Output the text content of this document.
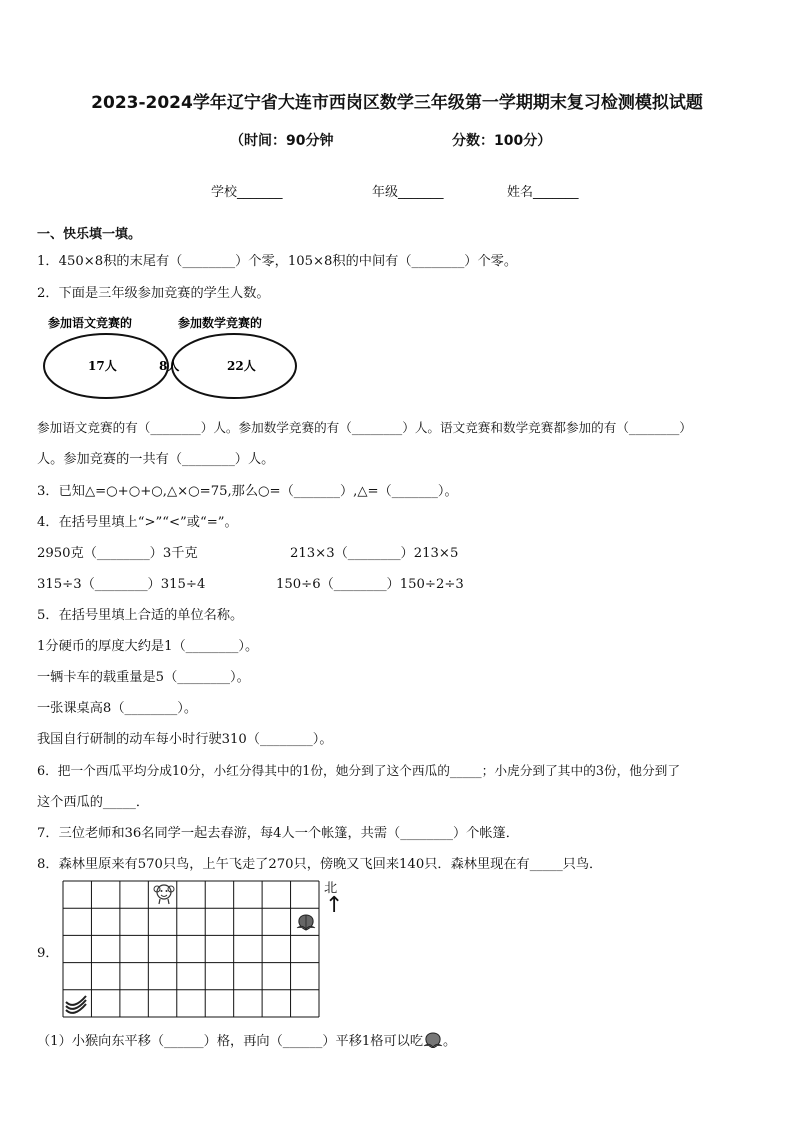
2023-2024学年辽宁省大连市西岗区数学三年级第一学期期末复习检测模拟试题
（时间：90分钟	分数：100分）
学校_______	年级_______	姓名_______
一、快乐填一填。
1．450×8积的末尾有（________）个零，105×8积的中间有（________）个零。
2．下面是三年级参加竞赛的学生人数。
参加语文竞赛的	参加数学竞赛的
17人	8人	22人
参加语文竞赛的有（________）人。参加数学竞赛的有（________）人。语文竞赛和数学竞赛都参加的有（________）
人。参加竞赛的一共有（________）人。
3．已知△=○+○+○,△×○=75,那么○=（_______）,△=（_______）。
4．在括号里填上“>”“<”或“=”。
2950克（________）3千克	213×3（________）213×5
315÷3（________）315÷4	150÷6（________）150÷2÷3
5．在括号里填上合适的单位名称。
1分硬币的厚度大约是1（________）。
一辆卡车的载重量是5（________）。
一张课桌高8（________）。
我国自行研制的动车每小时行驶310（________）。
6．把一个西瓜平均分成10分，小红分得其中的1份，她分到了这个西瓜的_____；小虎分到了其中的3份，他分到了
这个西瓜的_____．
7．三位老师和36名同学一起去春游，每4人一个帐篷，共需（________）个帐篷．
8．森林里原来有570只鸟，上午飞走了270只，傍晚又飞回来140只．森林里现在有_____只鸟．
9．
北
↑
（1）小猴向东平移（______）格，再向（______）平移1格可以吃 。
